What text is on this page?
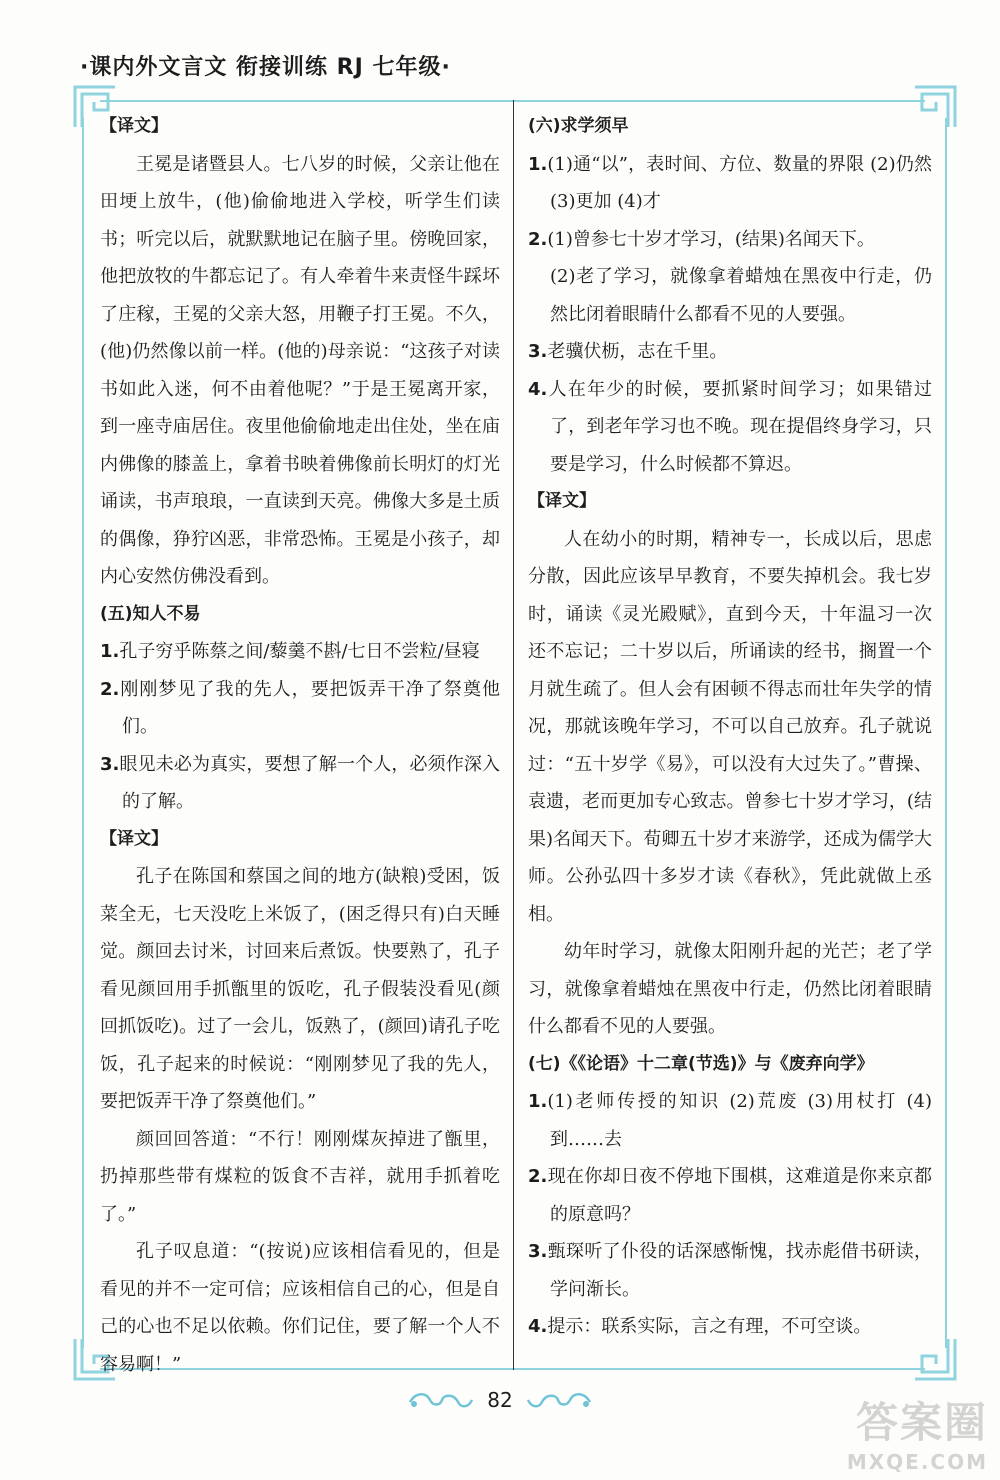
·课内外文言文 衔接训练 RJ 七年级·

【译文】

王冕是诸暨县人。七八岁的时候，父亲让他在田埂上放牛，(他)偷偷地进入学校，听学生们读书；听完以后，就默默地记在脑子里。傍晚回家，他把放牧的牛都忘记了。有人牵着牛来责怪牛踩坏了庄稼，王冕的父亲大怒，用鞭子打王冕。不久，(他)仍然像以前一样。(他的)母亲说：“这孩子对读书如此入迷，何不由着他呢？”于是王冕离开家，到一座寺庙居住。夜里他偷偷地走出住处，坐在庙内佛像的膝盖上，拿着书映着佛像前长明灯的灯光诵读，书声琅琅，一直读到天亮。佛像大多是土质的偶像，狰狞凶恶，非常恐怖。王冕是小孩子，却内心安然仿佛没看到。

(五)知人不易

1.孔子穷乎陈蔡之间/藜羹不斟/七日不尝粒/昼寝

2.刚刚梦见了我的先人，要把饭弄干净了祭奠他们。

3.眼见未必为真实，要想了解一个人，必须作深入的了解。

【译文】

孔子在陈国和蔡国之间的地方(缺粮)受困，饭菜全无，七天没吃上米饭了，(困乏得只有)白天睡觉。颜回去讨米，讨回来后煮饭。快要熟了，孔子看见颜回用手抓甑里的饭吃，孔子假装没看见(颜回抓饭吃)。过了一会儿，饭熟了，(颜回)请孔子吃饭，孔子起来的时候说：“刚刚梦见了我的先人，要把饭弄干净了祭奠他们。”

颜回回答道：“不行！刚刚煤灰掉进了甑里，扔掉那些带有煤粒的饭食不吉祥，就用手抓着吃了。”

孔子叹息道：“(按说)应该相信看见的，但是看见的并不一定可信；应该相信自己的心，但是自己的心也不足以依赖。你们记住，要了解一个人不容易啊！”

(六)求学须早

1.(1)通“以”，表时间、方位、数量的界限 (2)仍然 (3)更加 (4)才

2.(1)曾参七十岁才学习，(结果)名闻天下。

(2)老了学习，就像拿着蜡烛在黑夜中行走，仍然比闭着眼睛什么都看不见的人要强。

3.老骥伏枥，志在千里。

4.人在年少的时候，要抓紧时间学习；如果错过了，到老年学习也不晚。现在提倡终身学习，只要是学习，什么时候都不算迟。

【译文】

人在幼小的时期，精神专一，长成以后，思虑分散，因此应该早早教育，不要失掉机会。我七岁时，诵读《灵光殿赋》，直到今天，十年温习一次还不忘记；二十岁以后，所诵读的经书，搁置一个月就生疏了。但人会有困顿不得志而壮年失学的情况，那就该晚年学习，不可以自己放弃。孔子就说过：“五十岁学《易》，可以没有大过失了。”曹操、袁遗，老而更加专心致志。曾参七十岁才学习，(结果)名闻天下。荀卿五十岁才来游学，还成为儒学大师。公孙弘四十多岁才读《春秋》，凭此就做上丞相。

幼年时学习，就像太阳刚升起的光芒；老了学习，就像拿着蜡烛在黑夜中行走，仍然比闭着眼睛什么都看不见的人要强。

(七)《《论语》十二章(节选)》与《废弃向学》

1.(1)老师传授的知识 (2)荒废 (3)用杖打 (4)到……去

2.现在你却日夜不停地下围棋，这难道是你来京都的原意吗？

3.甄琛听了仆役的话深感惭愧，找赤彪借书研读，学问渐长。

4.提示：联系实际，言之有理，不可空谈。

82	答案圈
MXQE.COM
